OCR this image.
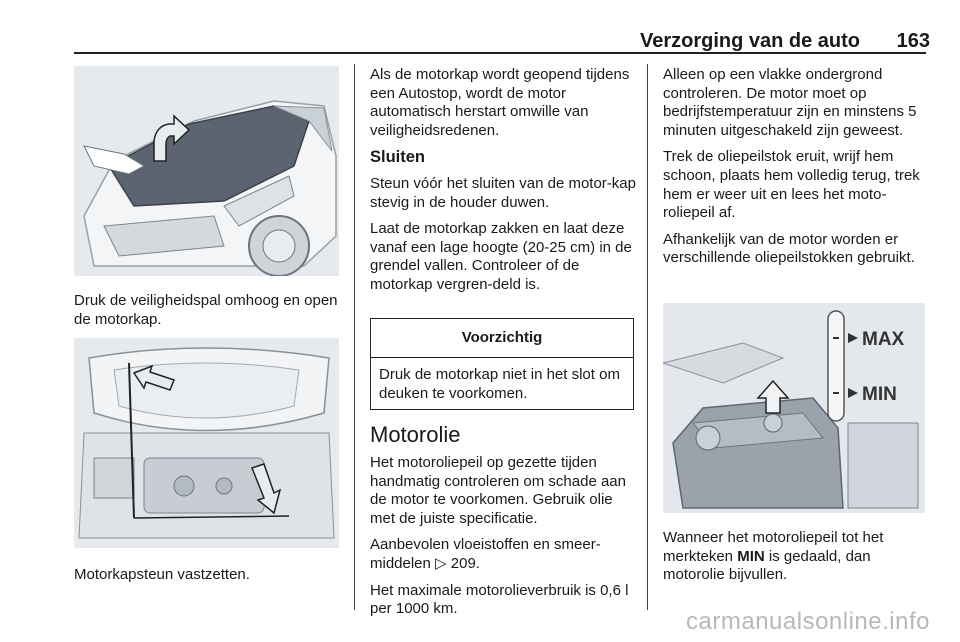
Verzorging van de auto	163
Druk de veiligheidspal omhoog en open de motorkap.
Motorkapsteun vastzetten.

Als de motorkap wordt geopend tijdens een Autostop, wordt de motor automatisch herstart omwille van veiligheidsredenen.

Sluiten

Steun vóór het sluiten van de motor-kap stevig in de houder duwen.

Laat de motorkap zakken en laat deze vanaf een lage hoogte (20-25 cm) in de grendel vallen. Controleer of de motorkap vergren-deld is.

Voorzichtig
Druk de motorkap niet in het slot om deuken te voorkomen.
Motorolie

Het motoroliepeil op gezette tijden handmatig controleren om schade aan de motor te voorkomen. Gebruik olie met de juiste specificatie.

Aanbevolen vloeistoffen en smeer-middelen ▷ 209.

Het maximale motorolieverbruik is 0,6 l per 1000 km.

Alleen op een vlakke ondergrond controleren. De motor moet op bedrijfstemperatuur zijn en minstens 5 minuten uitgeschakeld zijn geweest.

Trek de oliepeilstok eruit, wrijf hem schoon, plaats hem volledig terug, trek hem er weer uit en lees het moto-roliepeil af.

Afhankelijk van de motor worden er verschillende oliepeilstokken gebruikt.

MAX
MIN
Wanneer het motoroliepeil tot het merkteken MIN is gedaald, dan motorolie bijvullen.
carmanualsonline.info
